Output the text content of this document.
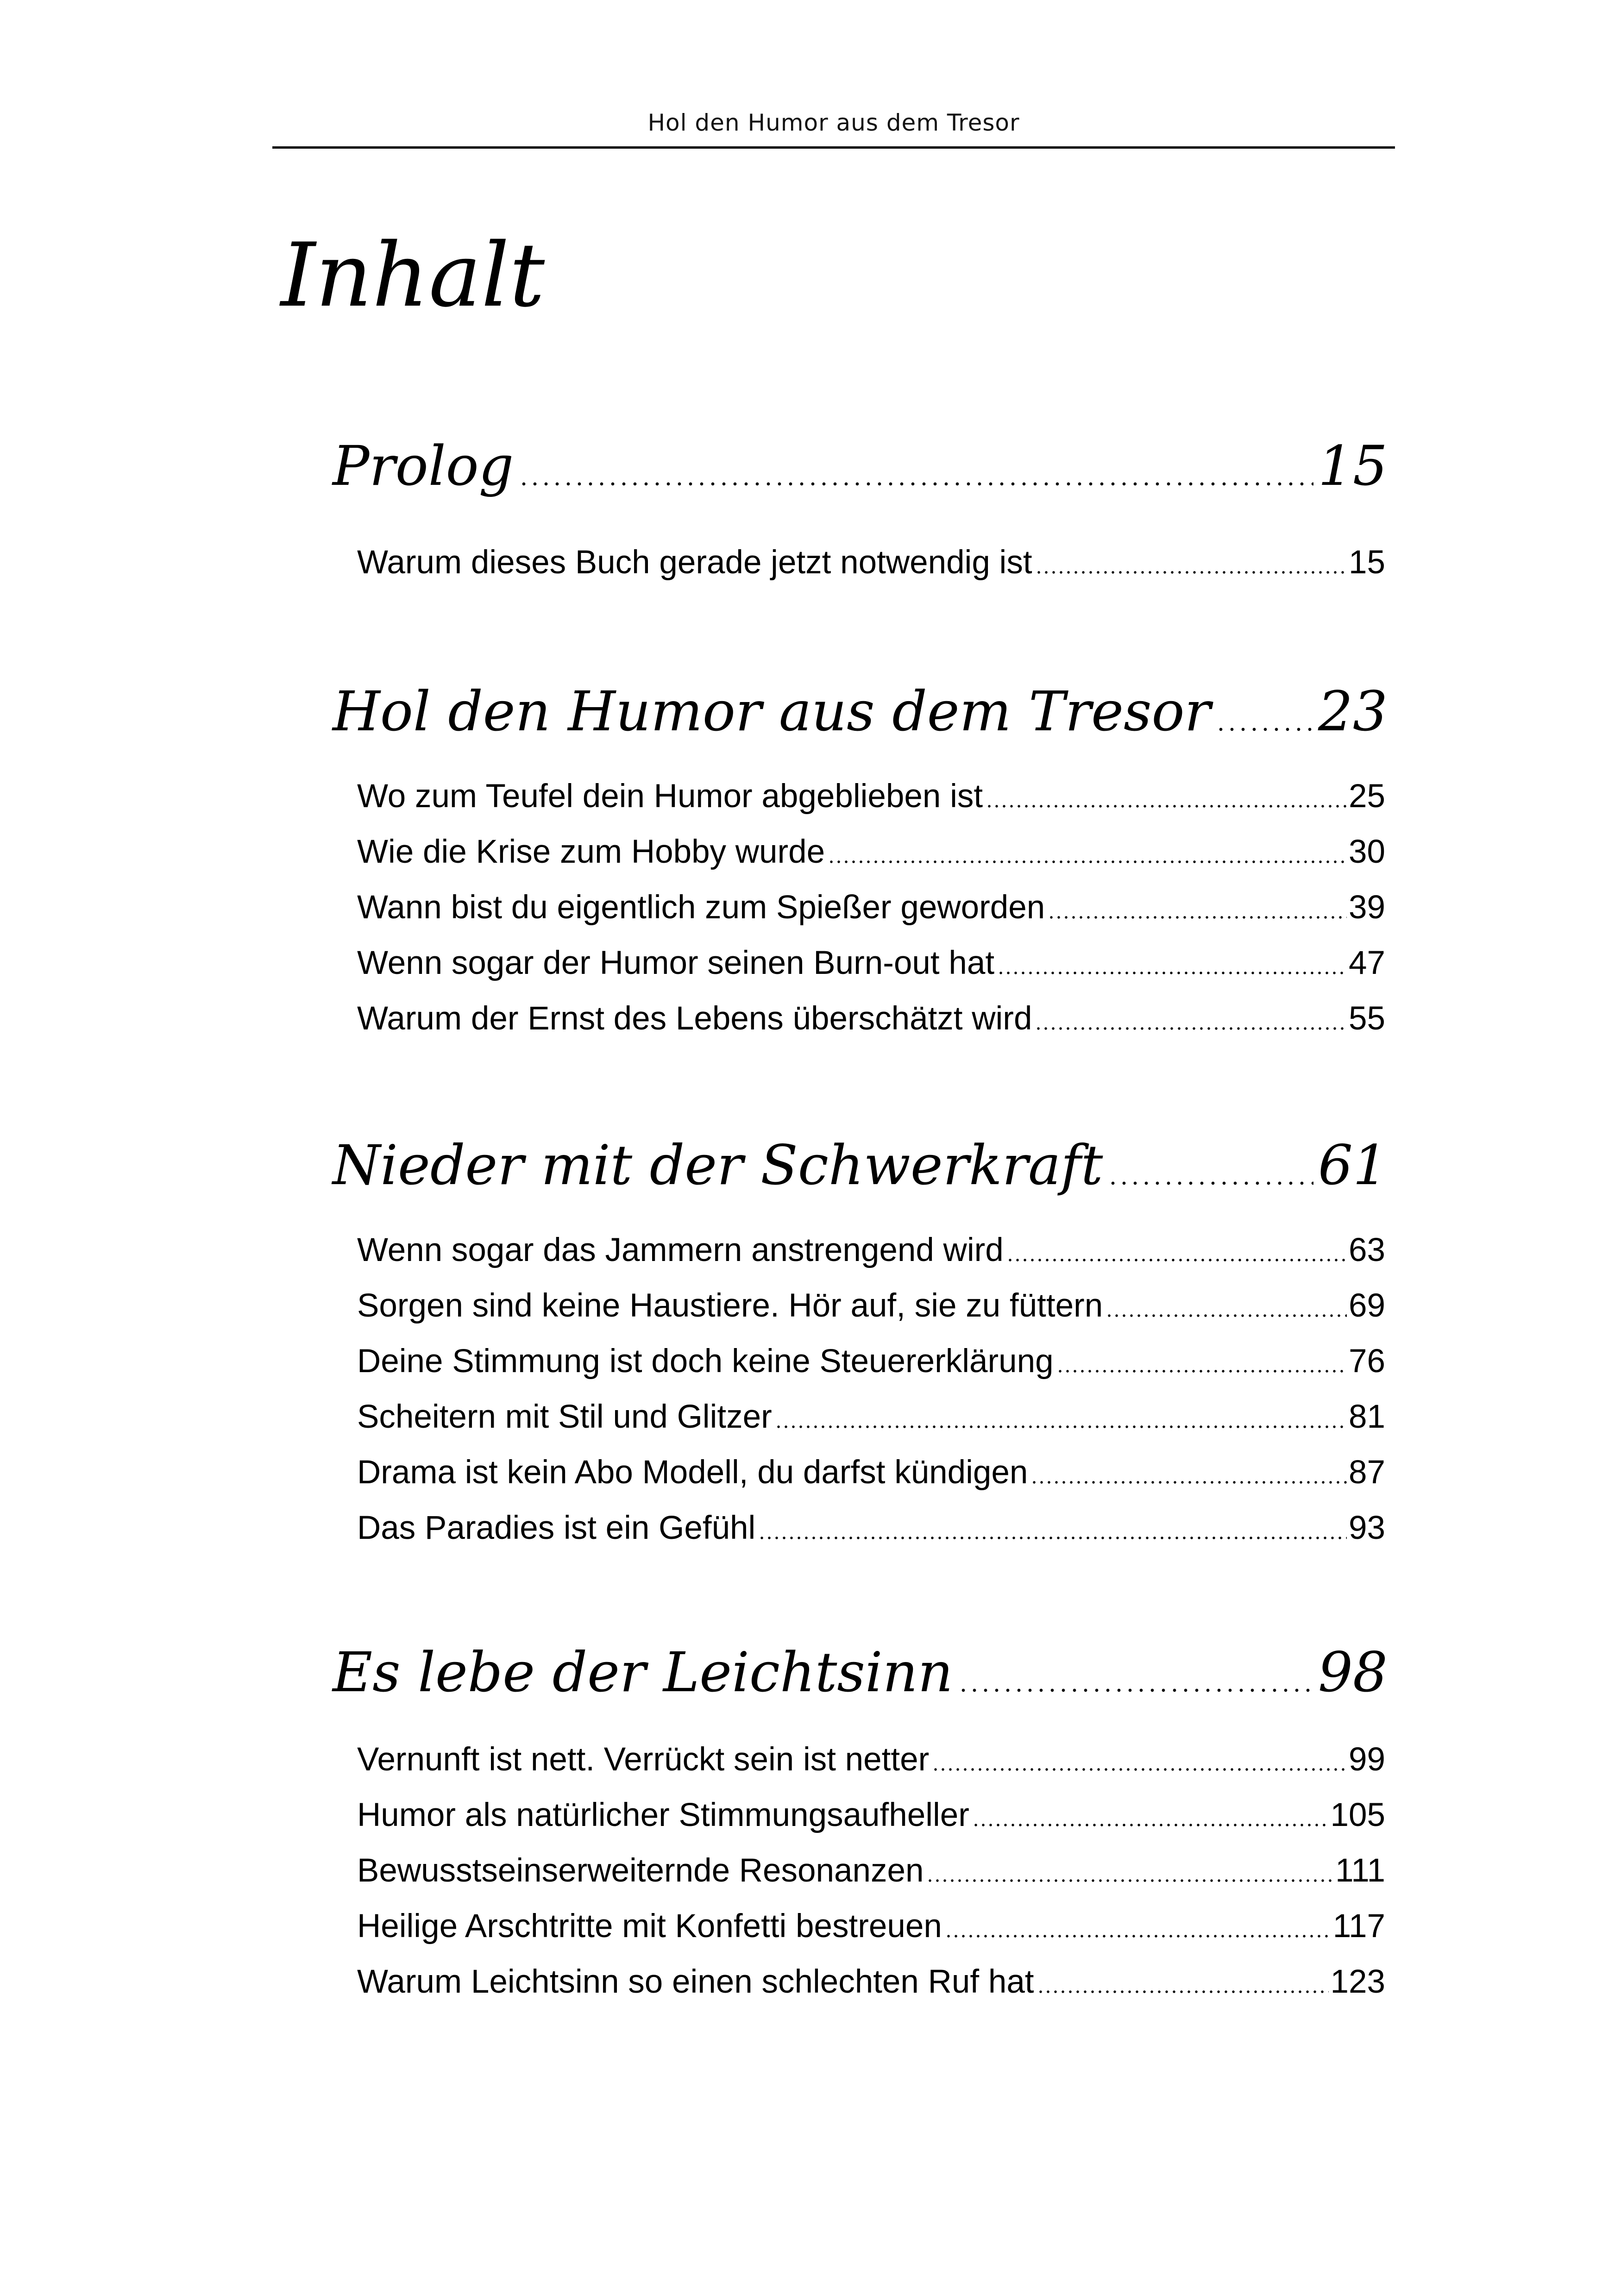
Hol den Humor aus dem Tresor
Inhalt
Prolog	15
Warum dieses Buch gerade jetzt notwendig ist	15
Hol den Humor aus dem Tresor 23
Wo zum Teufel dein Humor abgeblieben ist	25
Wie die Krise zum Hobby wurde	30
Wann bist du eigentlich zum Spießer geworden	39
Wenn sogar der Humor seinen Burn-out hat	47
Warum der Ernst des Lebens überschätzt wird	55
Nieder mit der Schwerkraft	61
Wenn sogar das Jammern anstrengend wird	63
Sorgen sind keine Haustiere. Hör auf, sie zu füttern	69
Deine Stimmung ist doch keine Steuererklärung	76
Scheitern mit Stil und Glitzer	81
Drama ist kein Abo Modell, du darfst kündigen	87
Das Paradies ist ein Gefühl	93
Es lebe der Leichtsinn	98
Vernunft ist nett. Verrückt sein ist netter	99
Humor als natürlicher Stimmungsaufheller	105
Bewusstseinserweiternde Resonanzen	111
Heilige Arschtritte mit Konfetti bestreuen	117
Warum Leichtsinn so einen schlechten Ruf hat	123
